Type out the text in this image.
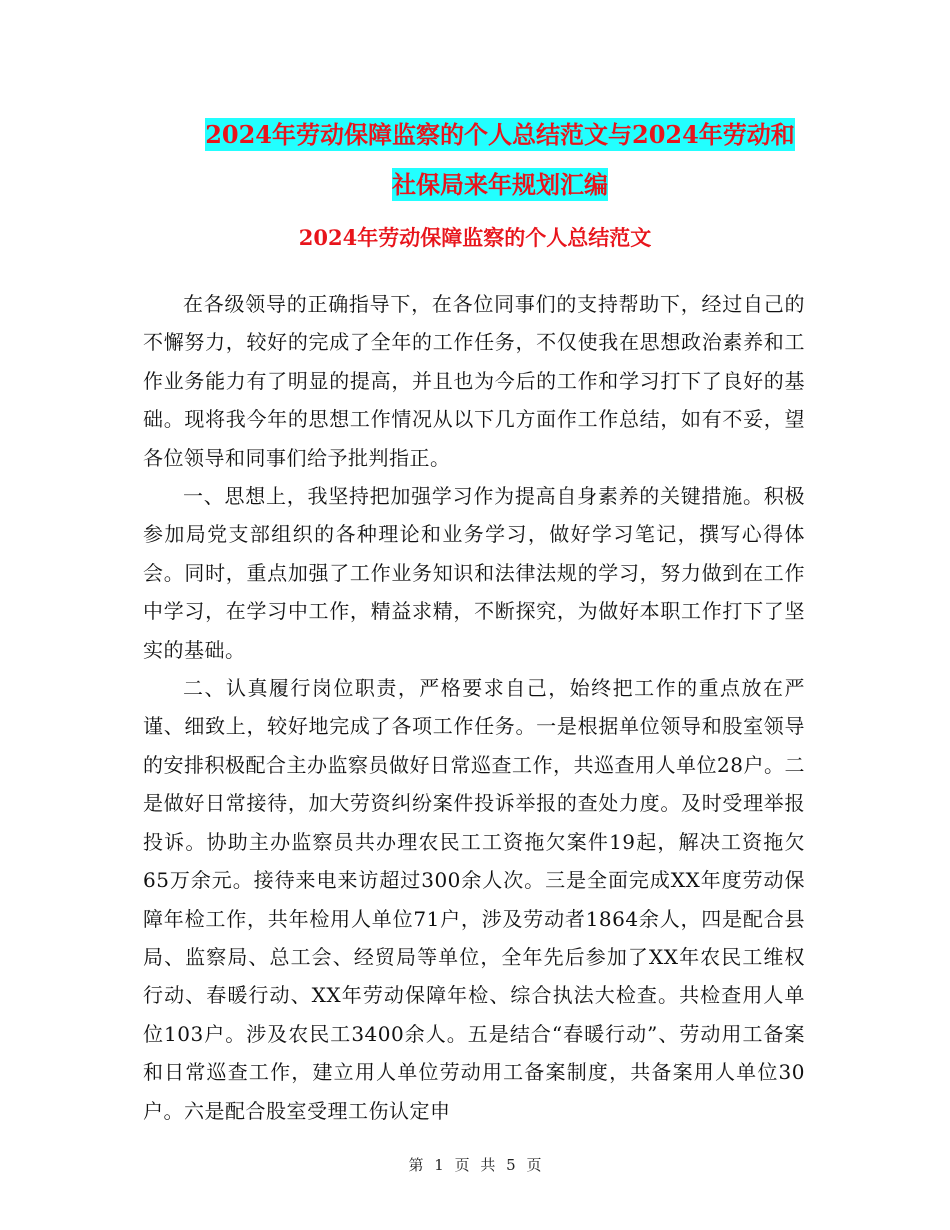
2024年劳动保障监察的个人总结范文与2024年劳动和
社保局来年规划汇编
2024年劳动保障监察的个人总结范文

在各级领导的正确指导下，在各位同事们的支持帮助下，经过自己的不懈努力，较好的完成了全年的工作任务，不仅使我在思想政治素养和工作业务能力有了明显的提高，并且也为今后的工作和学习打下了良好的基础。现将我今年的思想工作情况从以下几方面作工作总结，如有不妥，望各位领导和同事们给予批判指正。

一、思想上，我坚持把加强学习作为提高自身素养的关键措施。积极参加局党支部组织的各种理论和业务学习，做好学习笔记，撰写心得体会。同时，重点加强了工作业务知识和法律法规的学习，努力做到在工作中学习，在学习中工作，精益求精，不断探究，为做好本职工作打下了坚实的基础。

二、认真履行岗位职责，严格要求自己，始终把工作的重点放在严谨、细致上，较好地完成了各项工作任务。一是根据单位领导和股室领导的安排积极配合主办监察员做好日常巡查工作，共巡查用人单位28户。二是做好日常接待，加大劳资纠纷案件投诉举报的查处力度。及时受理举报投诉。协助主办监察员共办理农民工工资拖欠案件19起，解决工资拖欠65万余元。接待来电来访超过300余人次。三是全面完成XX年度劳动保障年检工作，共年检用人单位71户，涉及劳动者1864余人，四是配合县局、监察局、总工会、经贸局等单位，全年先后参加了XX年农民工维权行动、春暖行动、XX年劳动保障年检、综合执法大检查。共检查用人单位103户。涉及农民工3400余人。五是结合“春暖行动”、劳动用工备案和日常巡查工作，建立用人单位劳动用工备案制度，共备案用人单位30户。六是配合股室受理工伤认定申

第 1 页 共 5 页
